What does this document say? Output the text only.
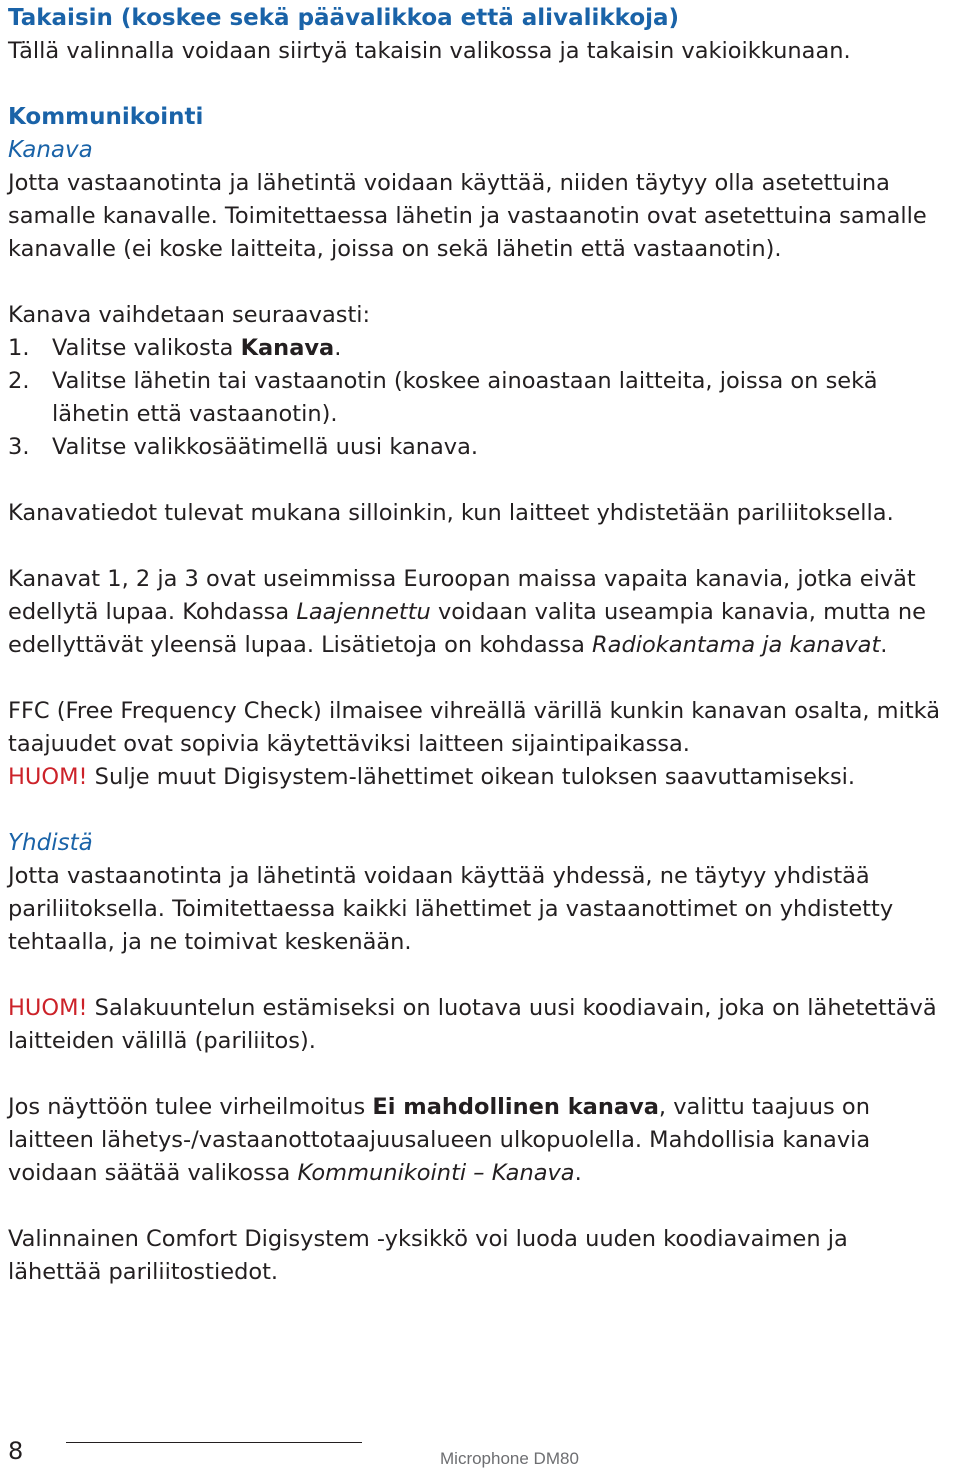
Takaisin (koskee sekä päävalikkoa että alivalikkoja)

Tällä valinnalla voidaan siirtyä takaisin valikossa ja takaisin vakioikkunaan.

Kommunikointi

Kanava

Jotta vastaanotinta ja lähetintä voidaan käyttää, niiden täytyy olla asetettuina samalle kanavalle. Toimitettaessa lähetin ja vastaanotin ovat asetettuina samalle kanavalle (ei koske laitteita, joissa on sekä lähetin että vastaanotin).

Kanava vaihdetaan seuraavasti:

1.	Valitse valikosta Kanava.
2.	Valitse lähetin tai vastaanotin (koskee ainoastaan laitteita, joissa on sekä lähetin että vastaanotin).
3.	Valitse valikkosäätimellä uusi kanava.

Kanavatiedot tulevat mukana silloinkin, kun laitteet yhdistetään pariliitoksella.

Kanavat 1, 2 ja 3 ovat useimmissa Euroopan maissa vapaita kanavia, jotka eivät edellytä lupaa. Kohdassa Laajennettu voidaan valita useampia kanavia, mutta ne edellyttävät yleensä lupaa. Lisätietoja on kohdassa Radiokantama ja kanavat.

FFC (Free Frequency Check) ilmaisee vihreällä värillä kunkin kanavan osalta, mitkä taajuudet ovat sopivia käytettäviksi laitteen sijaintipaikassa.

HUOM! Sulje muut Digisystem-lähettimet oikean tuloksen saavuttamiseksi.

Yhdistä

Jotta vastaanotinta ja lähetintä voidaan käyttää yhdessä, ne täytyy yhdistää pariliitoksella. Toimitettaessa kaikki lähettimet ja vastaanottimet on yhdistetty tehtaalla, ja ne toimivat keskenään.

HUOM! Salakuuntelun estämiseksi on luotava uusi koodiavain, joka on lähetettävä laitteiden välillä (pariliitos).

Jos näyttöön tulee virheilmoitus Ei mahdollinen kanava, valittu taajuus on laitteen lähetys-/vastaanottotaajuusalueen ulkopuolella. Mahdollisia kanavia voidaan säätää valikossa Kommunikointi – Kanava.

Valinnainen Comfort Digisystem -yksikkö voi luoda uuden koodiavaimen ja lähettää pariliitostiedot.

8	Microphone DM80
